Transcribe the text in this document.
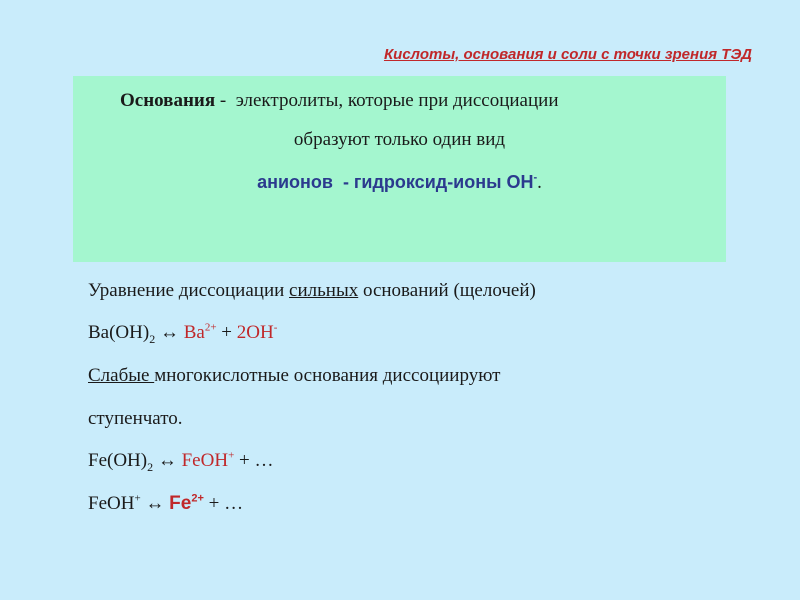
Кислоты, основания и соли с точки зрения ТЭД
Основания -  электролиты, которые при диссоциации
образуют только один вид
анионов  - гидроксид-ионы ОН-.
Уравнение диссоциации сильных оснований (щелочей)
$Ba(OH)_2$ ↔ $Ba^{2+} + 2OH^-$
Слабые многокислотные основания диссоциируют
ступенчато.
$Fe(OH)_2$ ↔ FeOH+ + …
FeOH+ ↔ $Fe^{2+}$ + …
